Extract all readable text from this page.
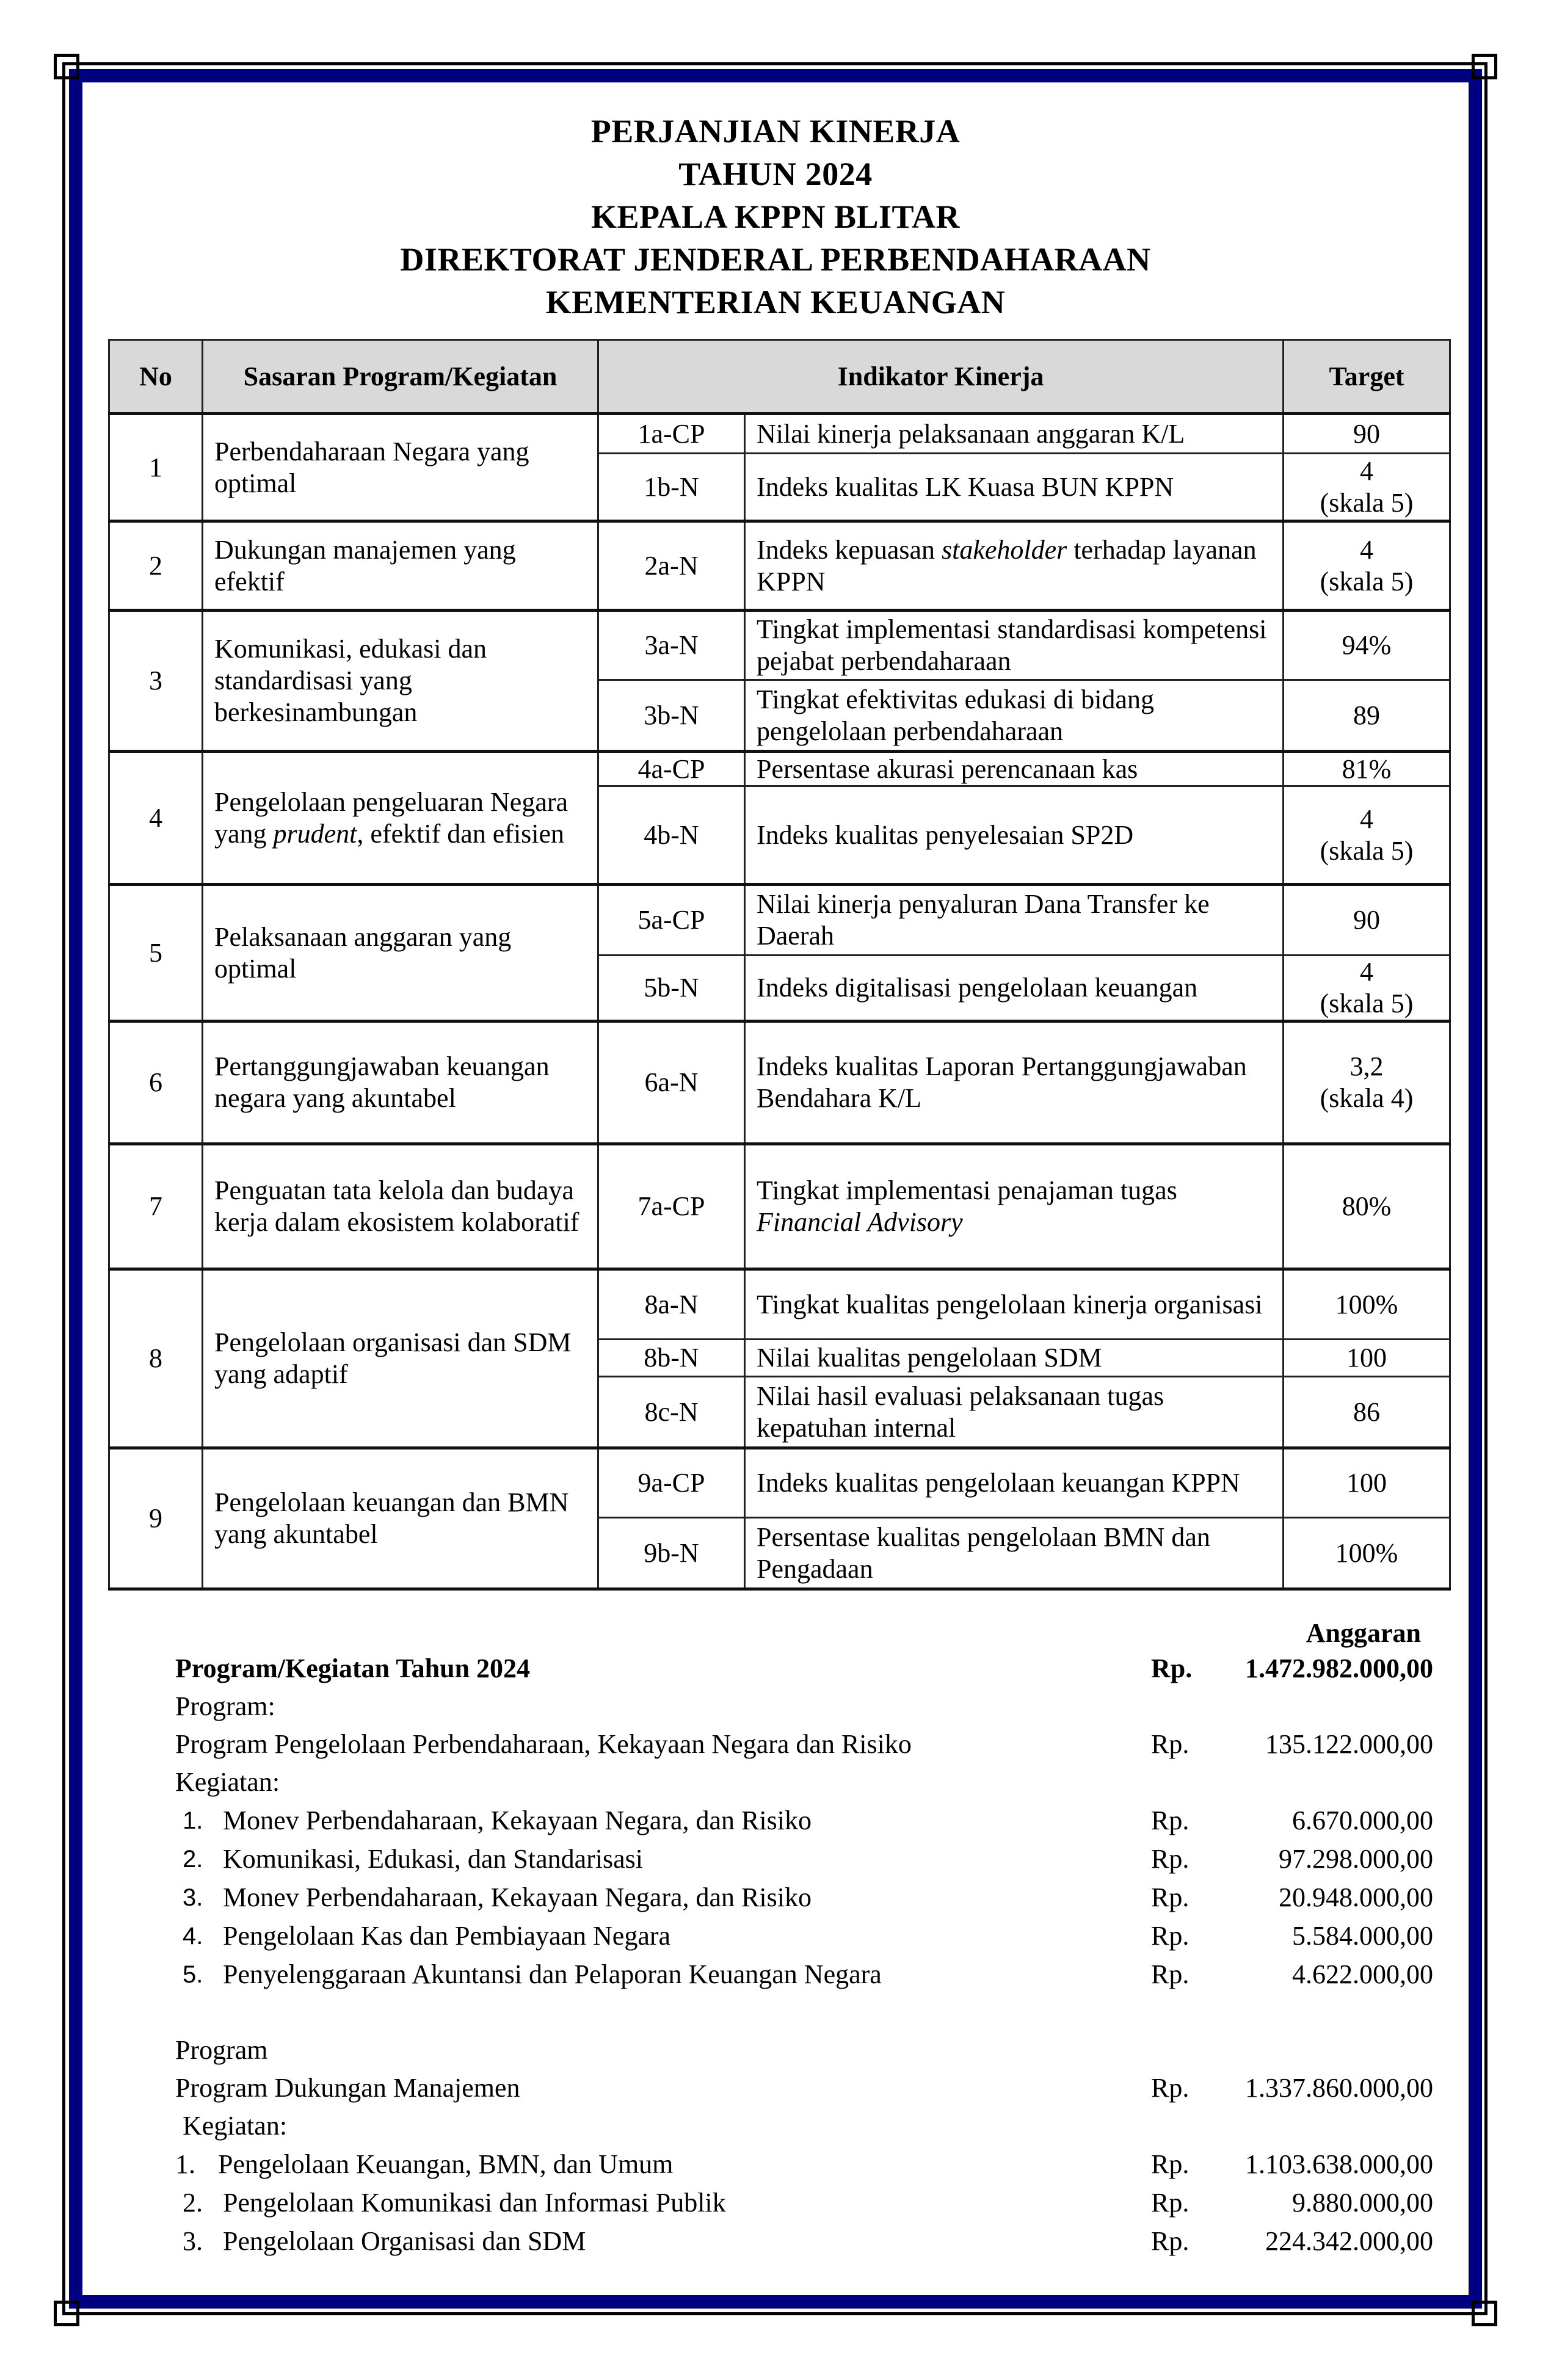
PERJANJIAN KINERJA
TAHUN 2024
KEPALA KPPN BLITAR
DIREKTORAT JENDERAL PERBENDAHARAAN
KEMENTERIAN KEUANGAN
No	Sasaran Program/Kegiatan	Indikator Kinerja		Target
1	Perbendaharaan Negara yang optimal	1a-CP	Nilai kinerja pelaksanaan anggaran K/L	90
		1b-N	Indeks kualitas LK Kuasa BUN KPPN	4
(skala 5)

2	Dukungan manajemen yang efektif	2a-N	Indeks kepuasan stakeholder terhadap layanan KPPN	4
(skala 5)

3	Komunikasi, edukasi dan standardisasi yang berkesinambungan	3a-N	Tingkat implementasi standardisasi kompetensi pejabat perbendaharaan	94%
		3b-N	Tingkat efektivitas edukasi di bidang pengelolaan perbendaharaan	89
4	Pengelolaan pengeluaran Negara yang prudent, efektif dan efisien	4a-CP	Persentase akurasi perencanaan kas	81%
		4b-N	Indeks kualitas penyelesaian SP2D	4
(skala 5)

5	Pelaksanaan anggaran yang optimal	5a-CP	Nilai kinerja penyaluran Dana Transfer ke Daerah	90
		5b-N	Indeks digitalisasi pengelolaan keuangan	4
(skala 5)

6	Pertanggungjawaban keuangan negara yang akuntabel	6a-N	Indeks kualitas Laporan Pertanggungjawaban Bendahara K/L	3,2
(skala 4)

7	Penguatan tata kelola dan budaya kerja dalam ekosistem kolaboratif	7a-CP	Tingkat implementasi penajaman tugas Financial Advisory	80%
8	Pengelolaan organisasi dan SDM yang adaptif	8a-N	Tingkat kualitas pengelolaan kinerja organisasi	100%
		8b-N	Nilai kualitas pengelolaan SDM	100
		8c-N	Nilai hasil evaluasi pelaksanaan tugas kepatuhan internal	86
9	Pengelolaan keuangan dan BMN yang akuntabel	9a-CP	Indeks kualitas pengelolaan keuangan KPPN	100
		9b-N	Persentase kualitas pengelolaan BMN dan Pengadaan	100%
Anggaran
Program/Kegiatan Tahun 2024	Rp. 1.472.982.000,00
Program:
Program Pengelolaan Perbendaharaan, Kekayaan Negara dan Risiko	Rp.	135.122.000,00
Kegiatan:
1. Monev Perbendaharaan, Kekayaan Negara, dan Risiko	Rp.	6.670.000,00
2. Komunikasi, Edukasi, dan Standarisasi	Rp.	97.298.000,00
3. Monev Perbendaharaan, Kekayaan Negara, dan Risiko	Rp.	20.948.000,00
4. Pengelolaan Kas dan Pembiayaan Negara	Rp.	5.584.000,00
5. Penyelenggaraan Akuntansi dan Pelaporan Keuangan Negara	Rp.	4.622.000,00
Program
Program Dukungan Manajemen	Rp. 1.337.860.000,00
Kegiatan:
1. Pengelolaan Keuangan, BMN, dan Umum	Rp. 1.103.638.000,00
2. Pengelolaan Komunikasi dan Informasi Publik	Rp.	9.880.000,00
3. Pengelolaan Organisasi dan SDM	Rp.	224.342.000,00
